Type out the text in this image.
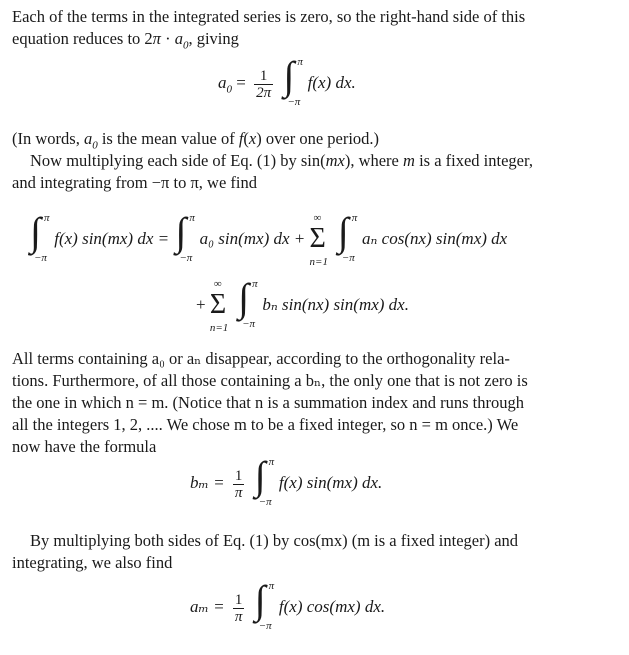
Each of the terms in the integrated series is zero, so the right-hand side of this
equation reduces to $2\pi \cdot a_0$, giving
$a_0 = \frac{1}{2\pi}$
∫ π
−π
f(x) dx.
(In words, $a_0$ is the mean value of f(x) over one period.)
Now multiplying each side of Eq. (1) by sin(mx), where m is a fixed integer,
and integrating from −π to π, we find
∫ π
−π
f(x) sin(mx) dx = ∫ π
−π
a₀ sin(mx) dx +
∞
Σ
n=1

∫ π
−π
aₙ cos(nx) sin(mx) dx
+
∞
Σ
n=1

∫ π
−π
bₙ sin(nx) sin(mx) dx.
All terms containing a₀ or aₙ disappear, according to the orthogonality rela-
tions. Furthermore, of all those containing a bₙ, the only one that is not zero is
the one in which n = m. (Notice that n is a summation index and runs through
all the integers 1, 2, .... We chose m to be a fixed integer, so n = m once.) We
now have the formula
$b_m = \frac{1}{\pi}$
∫ π
−π
f(x) sin(mx) dx.
By multiplying both sides of Eq. (1) by cos(mx) (m is a fixed integer) and
integrating, we also find
$a_m = \frac{1}{\pi}$
∫ π
−π
f(x) cos(mx) dx.
